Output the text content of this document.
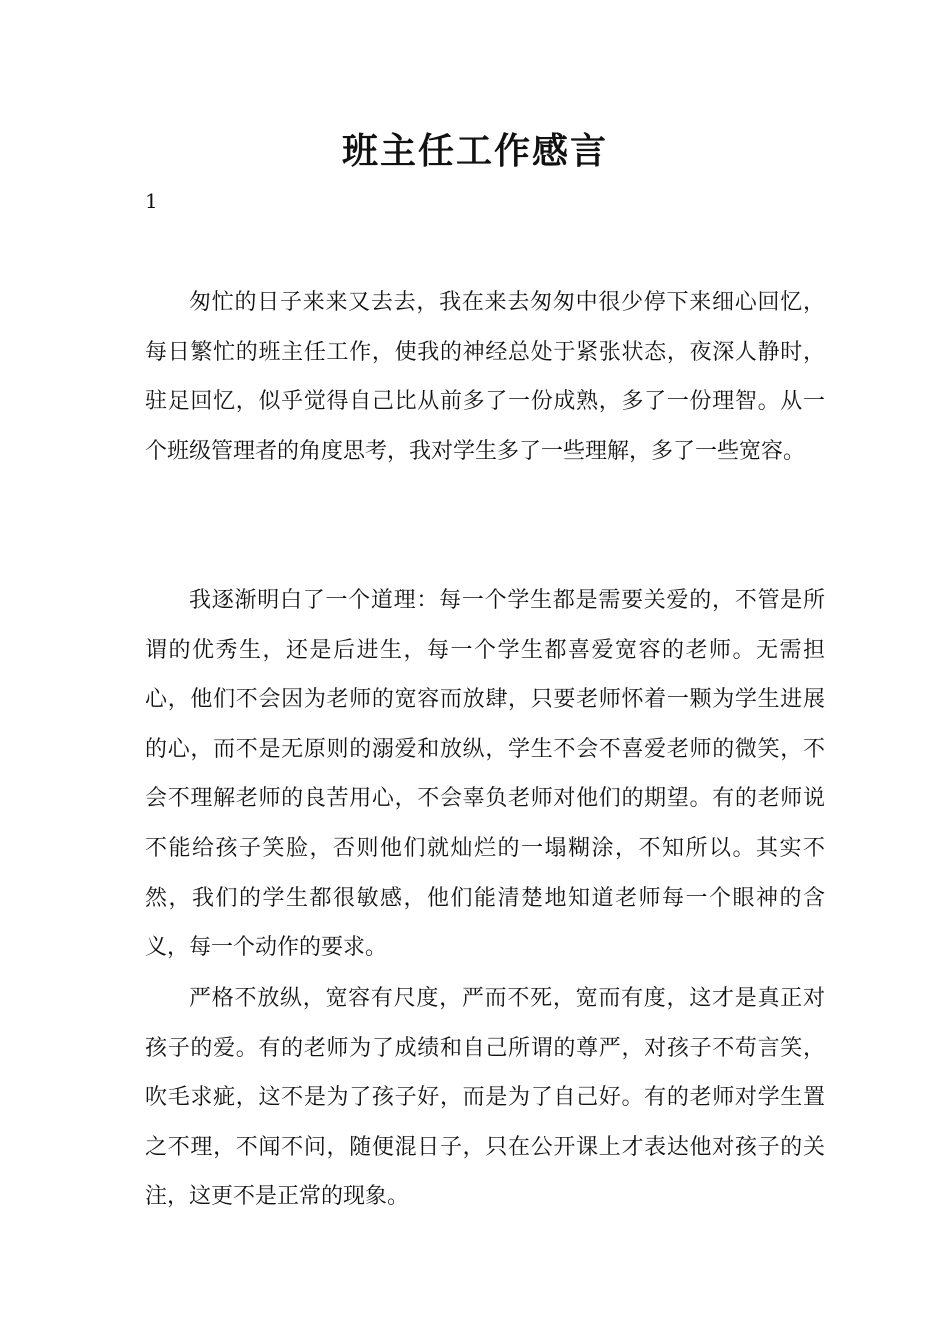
班主任工作感言
1

匆忙的日子来来又去去，我在来去匆匆中很少停下来细心回忆，每日繁忙的班主任工作，使我的神经总处于紧张状态，夜深人静时，驻足回忆，似乎觉得自己比从前多了一份成熟，多了一份理智。从一个班级管理者的角度思考，我对学生多了一些理解，多了一些宽容。

我逐渐明白了一个道理：每一个学生都是需要关爱的，不管是所谓的优秀生，还是后进生，每一个学生都喜爱宽容的老师。无需担心，他们不会因为老师的宽容而放肆，只要老师怀着一颗为学生进展的心，而不是无原则的溺爱和放纵，学生不会不喜爱老师的微笑，不会不理解老师的良苦用心，不会辜负老师对他们的期望。有的老师说不能给孩子笑脸，否则他们就灿烂的一塌糊涂，不知所以。其实不然，我们的学生都很敏感，他们能清楚地知道老师每一个眼神的含义，每一个动作的要求。

严格不放纵，宽容有尺度，严而不死，宽而有度，这才是真正对孩子的爱。有的老师为了成绩和自己所谓的尊严，对孩子不苟言笑，吹毛求疵，这不是为了孩子好，而是为了自己好。有的老师对学生置之不理，不闻不问，随便混日子，只在公开课上才表达他对孩子的关注，这更不是正常的现象。
